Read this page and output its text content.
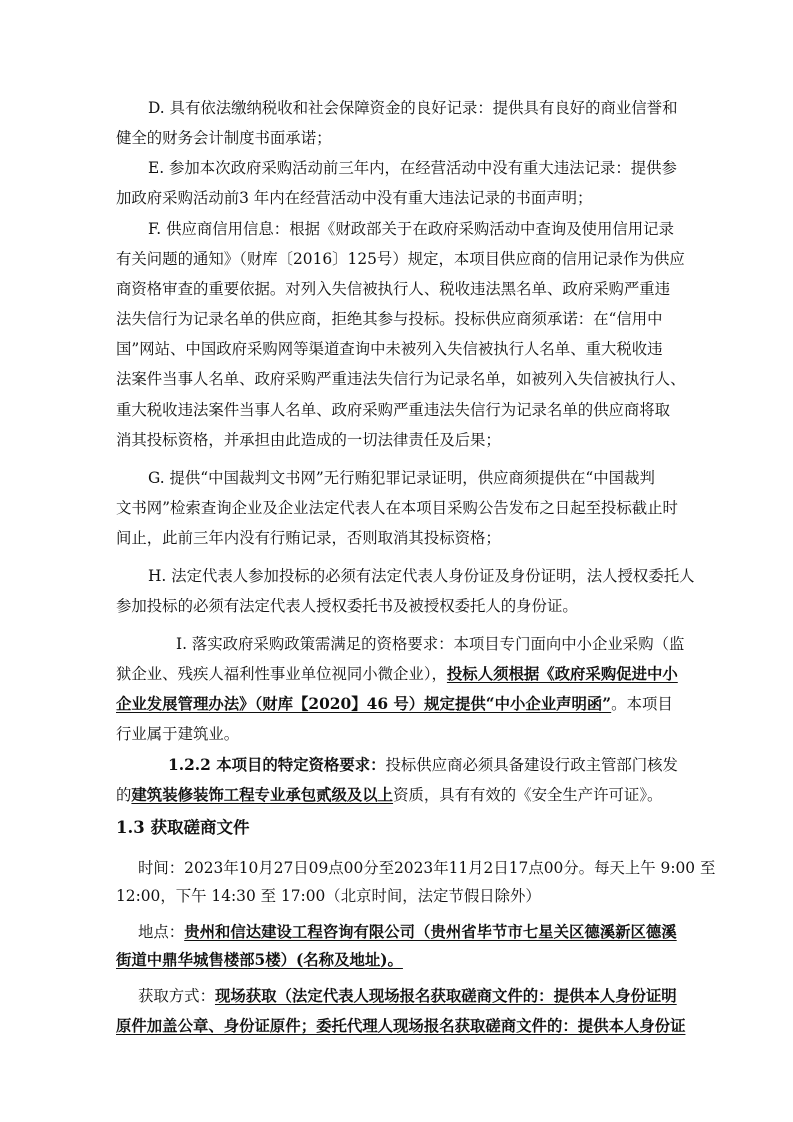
D. 具有依法缴纳税收和社会保障资金的良好记录：提供具有良好的商业信誉和
健全的财务会计制度书面承诺；
E. 参加本次政府采购活动前三年内，在经营活动中没有重大违法记录：提供参
加政府采购活动前3 年内在经营活动中没有重大违法记录的书面声明；
F. 供应商信用信息：根据《财政部关于在政府采购活动中查询及使用信用记录
有关问题的通知》（财库〔2016〕125号）规定，本项目供应商的信用记录作为供应
商资格审查的重要依据。对列入失信被执行人、税收违法黑名单、政府采购严重违
法失信行为记录名单的供应商，拒绝其参与投标。投标供应商须承诺：在“信用中
国”网站、中国政府采购网等渠道查询中未被列入失信被执行人名单、重大税收违
法案件当事人名单、政府采购严重违法失信行为记录名单，如被列入失信被执行人、
重大税收违法案件当事人名单、政府采购严重违法失信行为记录名单的供应商将取
消其投标资格，并承担由此造成的一切法律责任及后果；
G. 提供“中国裁判文书网”无行贿犯罪记录证明，供应商须提供在“中国裁判
文书网”检索查询企业及企业法定代表人在本项目采购公告发布之日起至投标截止时
间止，此前三年内没有行贿记录，否则取消其投标资格；
H. 法定代表人参加投标的必须有法定代表人身份证及身份证明，法人授权委托人
参加投标的必须有法定代表人授权委托书及被授权委托人的身份证。
I. 落实政府采购政策需满足的资格要求：本项目专门面向中小企业采购（监
狱企业、残疾人福利性事业单位视同小微企业），投标人须根据《政府采购促进中小
企业发展管理办法》（财库【2020】46 号）规定提供“中小企业声明函”。本项目
行业属于建筑业。
1.2.2 本项目的特定资格要求：投标供应商必须具备建设行政主管部门核发
的建筑装修装饰工程专业承包贰级及以上资质，具有有效的《安全生产许可证》。
1.3 获取磋商文件
时间：2023年10月27日09点00分至2023年11月2日17点00分。每天上午 9:00 至
12:00，下午 14:30 至 17:00（北京时间，法定节假日除外）
地点：贵州和信达建设工程咨询有限公司（贵州省毕节市七星关区德溪新区德溪
街道中鼎华城售楼部5楼）(名称及地址)。
获取方式：现场获取（法定代表人现场报名获取磋商文件的：提供本人身份证明
原件加盖公章、身份证原件；委托代理人现场报名获取磋商文件的：提供本人身份证
